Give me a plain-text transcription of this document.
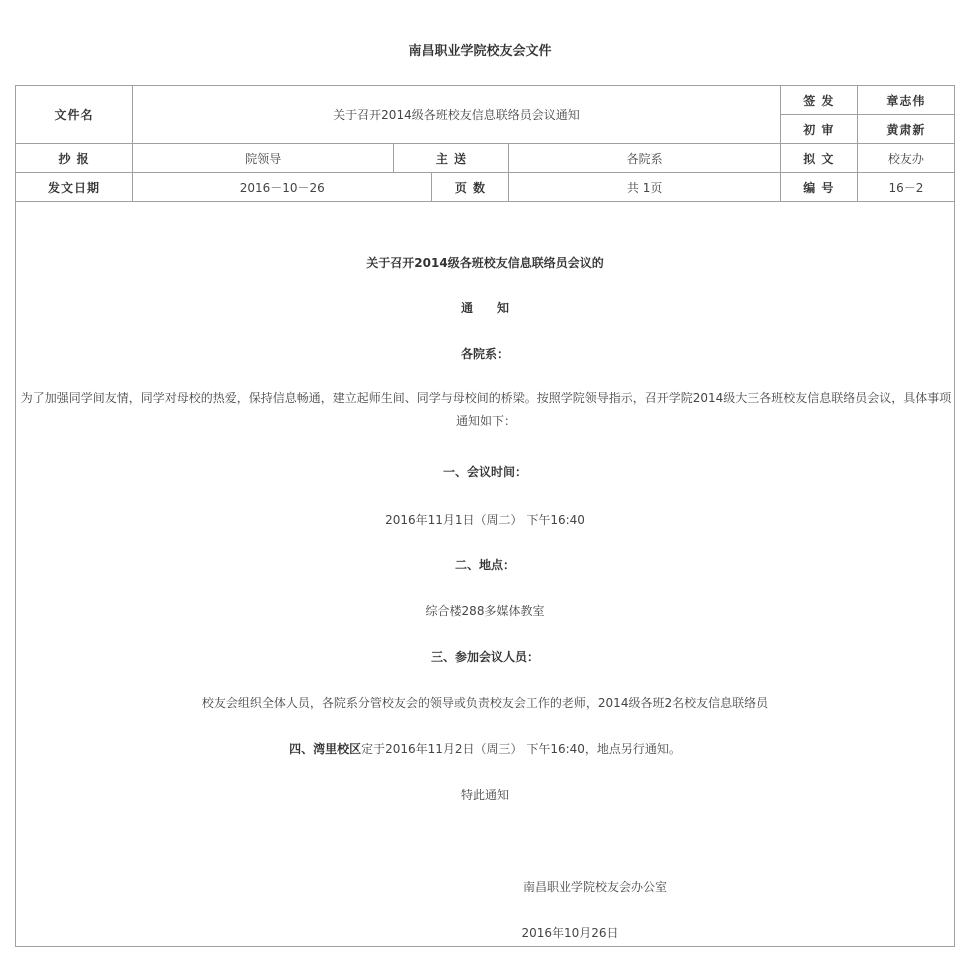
南昌职业学院校友会文件
文件名	关于召开2014级各班校友信息联络员会议通知				签 发	章志伟
					初 审	黄肃新
抄 报	院领导	主 送		各院系	拟 文	校友办
发文日期	2016－10－26		页 数	共 1页	编 号	16－2
关于召开2014级各班校友信息联络员会议的
通　　知
各院系：
为了加强同学间友情，同学对母校的热爱，保持信息畅通，建立起师生间、同学与母校间的桥梁。按照学院领导指示，召开学院2014级大三各班校友信息联络员会议，具体事项通知如下：
一、会议时间：
2016年11月1日（周二） 下午16:40
二、地点：
综合楼288多媒体教室
三、参加会议人员：
校友会组织全体人员，各院系分管校友会的领导或负责校友会工作的老师，2014级各班2名校友信息联络员
四、湾里校区定于2016年11月2日（周三） 下午16:40，地点另行通知。
特此通知
南昌职业学院校友会办公室
2016年10月26日
